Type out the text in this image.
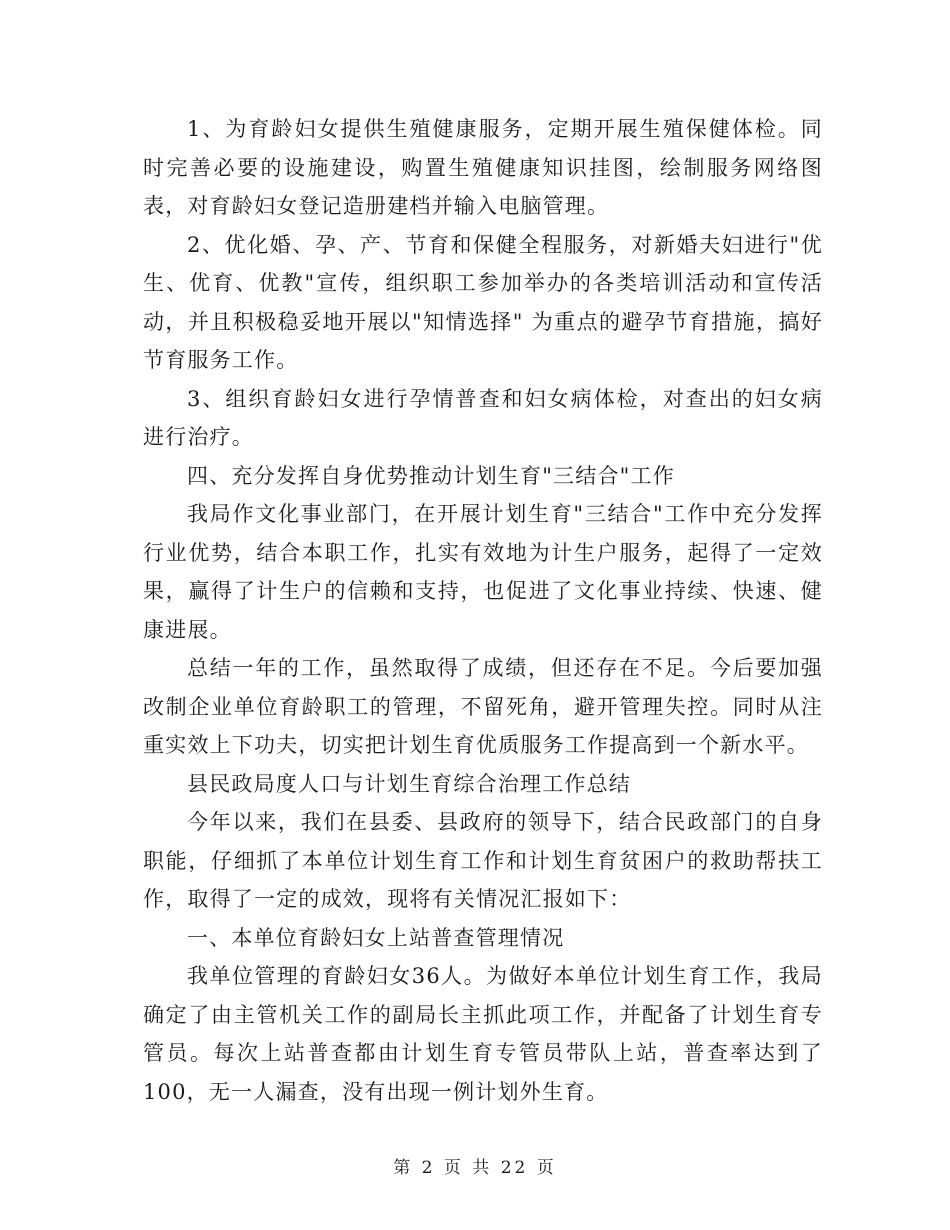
1、为育龄妇女提供生殖健康服务，定期开展生殖保健体检。同时完善必要的设施建设，购置生殖健康知识挂图，绘制服务网络图表，对育龄妇女登记造册建档并输入电脑管理。

2、优化婚、孕、产、节育和保健全程服务，对新婚夫妇进行"优生、优育、优教"宣传，组织职工参加举办的各类培训活动和宣传活动，并且积极稳妥地开展以"知情选择" 为重点的避孕节育措施，搞好节育服务工作。

3、组织育龄妇女进行孕情普查和妇女病体检，对查出的妇女病进行治疗。

四、充分发挥自身优势推动计划生育"三结合"工作

我局作文化事业部门，在开展计划生育"三结合"工作中充分发挥行业优势，结合本职工作，扎实有效地为计生户服务，起得了一定效果，赢得了计生户的信赖和支持，也促进了文化事业持续、快速、健康进展。

总结一年的工作，虽然取得了成绩，但还存在不足。今后要加强改制企业单位育龄职工的管理，不留死角，避开管理失控。同时从注重实效上下功夫，切实把计划生育优质服务工作提高到一个新水平。

县民政局度人口与计划生育综合治理工作总结

今年以来，我们在县委、县政府的领导下，结合民政部门的自身职能，仔细抓了本单位计划生育工作和计划生育贫困户的救助帮扶工作，取得了一定的成效，现将有关情况汇报如下：

一、本单位育龄妇女上站普查管理情况

我单位管理的育龄妇女36人。为做好本单位计划生育工作，我局确定了由主管机关工作的副局长主抓此项工作，并配备了计划生育专管员。每次上站普查都由计划生育专管员带队上站，普查率达到了100，无一人漏查，没有出现一例计划外生育。

第 2 页 共 22 页
